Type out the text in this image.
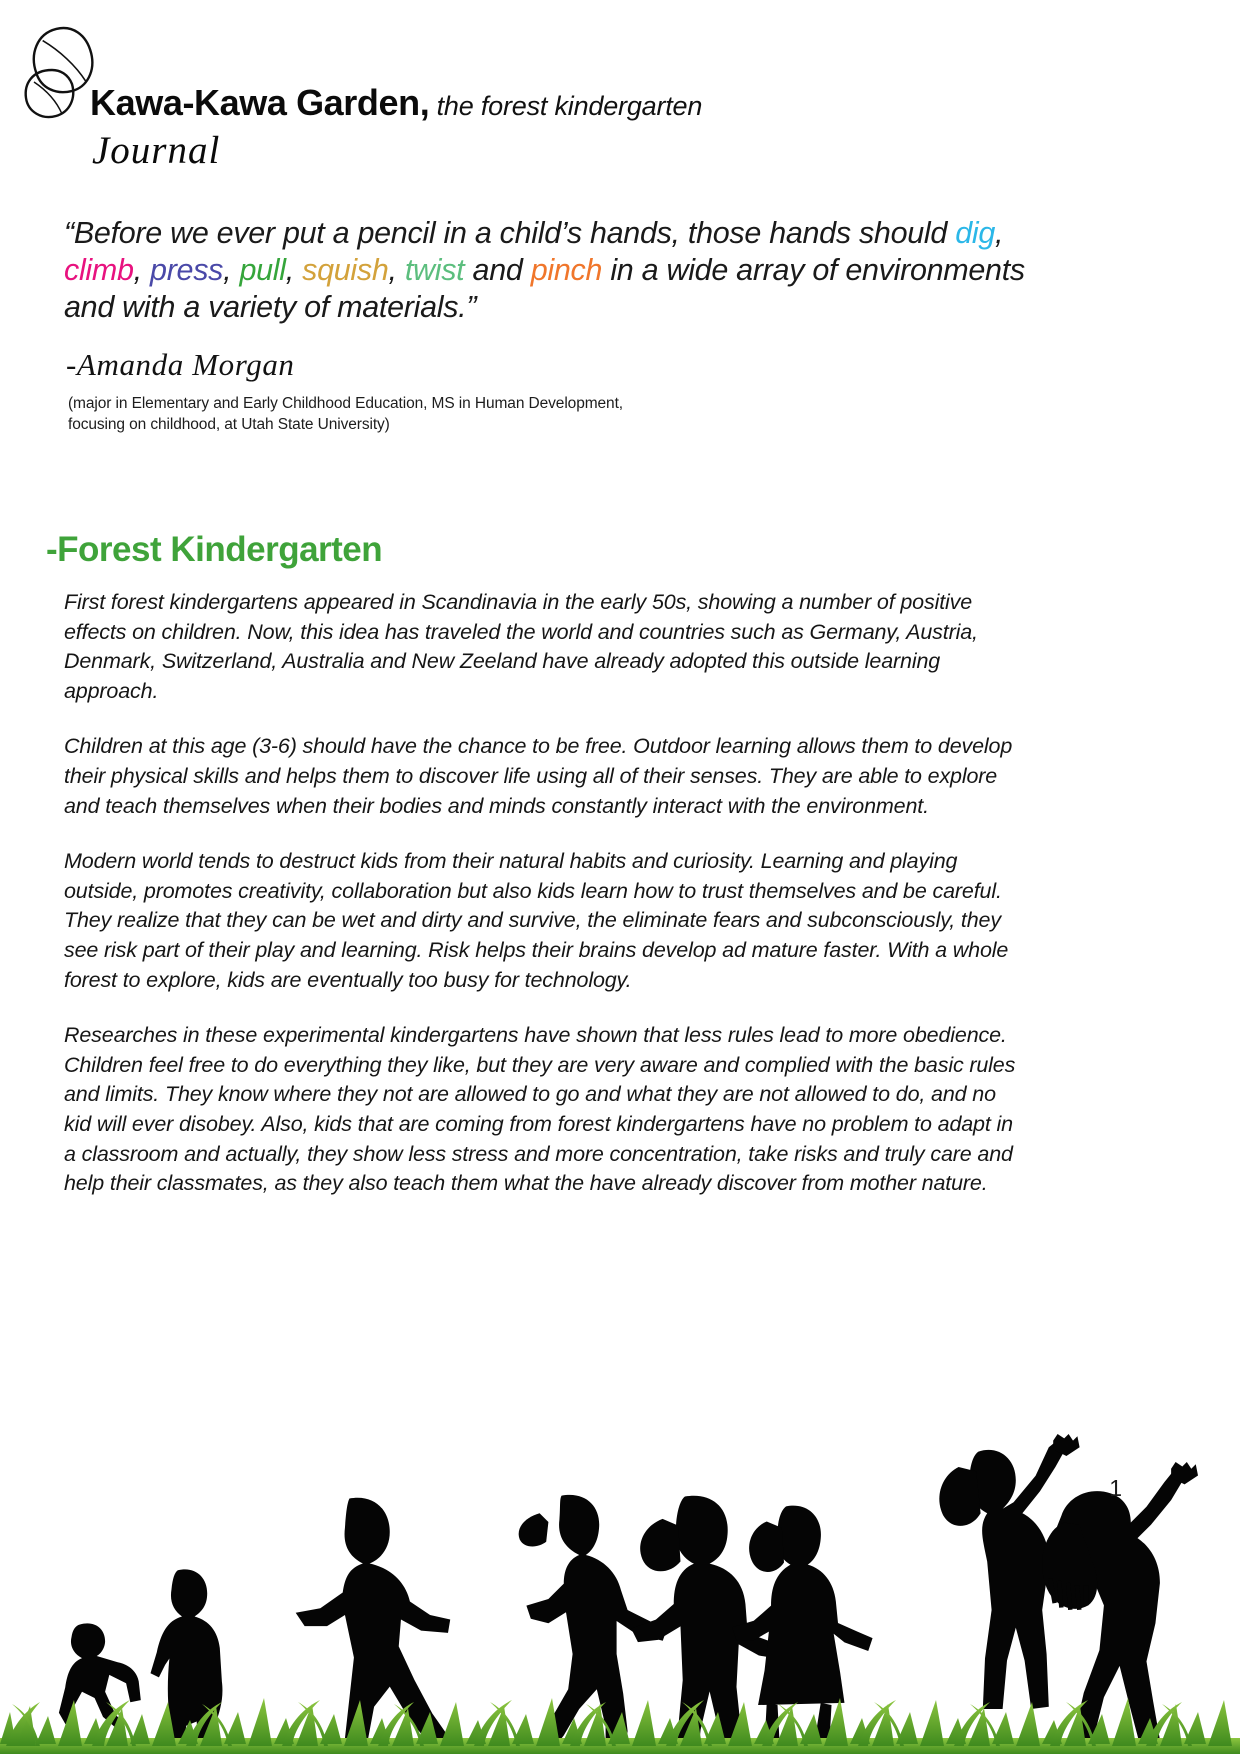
Kawa-Kawa Garden, the forest kindergarten
Journal
“Before we ever put a pencil in a child’s hands, those hands should dig, climb, press, pull, squish, twist and pinch in a wide array of environments and with a variety of materials.”
-Amanda Morgan
(major in Elementary and Early Childhood Education, MS in Human Development, focusing on childhood, at Utah State University)
-Forest Kindergarten

First forest kindergartens appeared in Scandinavia in the early 50s, showing a number of positive effects on children. Now, this idea has traveled the world and countries such as Germany, Austria, Denmark, Switzerland, Australia and New Zeeland have already adopted this outside learning approach.

Children at this age (3-6) should have the chance to be free. Outdoor learning allows them to develop their physical skills and helps them to discover life using all of their senses. They are able to explore and teach themselves when their bodies and minds constantly interact with the environment.

Modern world tends to destruct kids from their natural habits and curiosity. Learning and playing outside, promotes creativity, collaboration but also kids learn how to trust themselves and be careful. They realize that they can be wet and dirty and survive, the eliminate fears and subconsciously, they see risk part of their play and learning. Risk helps their brains develop ad mature faster. With a whole forest to explore, kids are eventually too busy for technology.

Researches in these experimental kindergartens have shown that less rules lead to more obedience. Children feel free to do everything they like, but they are very aware and complied with the basic rules and limits. They know where they not are allowed to go and what they are not allowed to do, and no kid will ever disobey. Also, kids that are coming from forest kindergartens have no problem to adapt in a classroom and actually, they show less stress and more concentration, take risks and truly care and help their classmates, as they also teach them what the have already discover from mother nature.

1
